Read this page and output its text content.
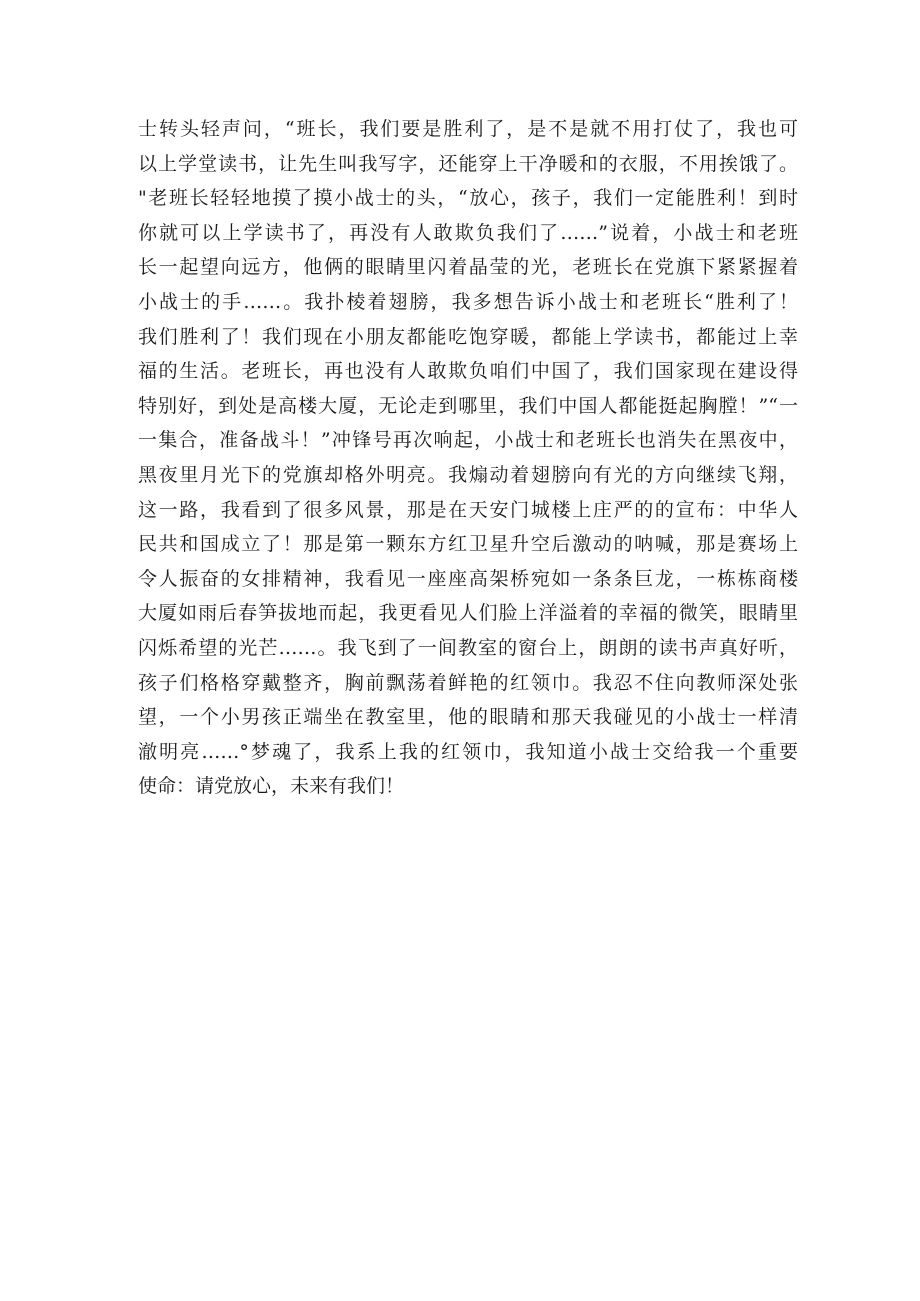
士转头轻声问，“班长，我们要是胜利了，是不是就不用打仗了，我也可
以上学堂读书，让先生叫我写字，还能穿上干净暖和的衣服，不用挨饿了。
"老班长轻轻地摸了摸小战士的头，“放心，孩子，我们一定能胜利！到时
你就可以上学读书了，再没有人敢欺负我们了……”说着，小战士和老班
长一起望向远方，他俩的眼睛里闪着晶莹的光，老班长在党旗下紧紧握着
小战士的手……。我扑棱着翅膀，我多想告诉小战士和老班长“胜利了！
我们胜利了！我们现在小朋友都能吃饱穿暖，都能上学读书，都能过上幸
福的生活。老班长，再也没有人敢欺负咱们中国了，我们国家现在建设得
特别好，到处是高楼大厦，无论走到哪里，我们中国人都能挺起胸膛！”“一
一集合，准备战斗！”冲锋号再次响起，小战士和老班长也消失在黑夜中，
黑夜里月光下的党旗却格外明亮。我煽动着翅膀向有光的方向继续飞翔，
这一路，我看到了很多风景，那是在天安门城楼上庄严的的宣布：中华人
民共和国成立了！那是第一颗东方红卫星升空后激动的呐喊，那是赛场上
令人振奋的女排精神，我看见一座座高架桥宛如一条条巨龙，一栋栋商楼
大厦如雨后春笋拔地而起，我更看见人们脸上洋溢着的幸福的微笑，眼睛里
闪烁希望的光芒……。我飞到了一间教室的窗台上，朗朗的读书声真好听，
孩子们格格穿戴整齐，胸前飘荡着鲜艳的红领巾。我忍不住向教师深处张
望，一个小男孩正端坐在教室里，他的眼睛和那天我碰见的小战士一样清
澈明亮……°梦魂了，我系上我的红领巾，我知道小战士交给我一个重要
使命：请党放心，未来有我们！
